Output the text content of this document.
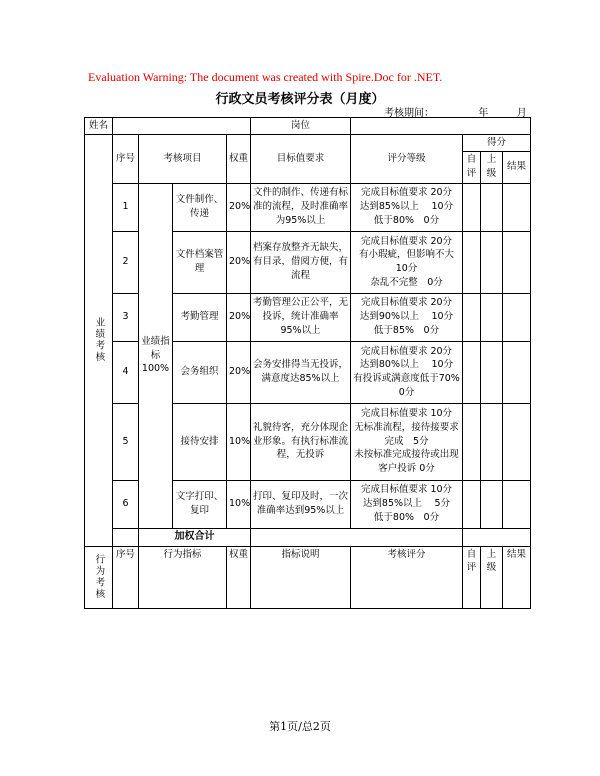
Evaluation Warning: The document was created with Spire.Doc for .NET.
行政文员考核评分表（月度）
考核期间：	年	月
姓名					岗位				
业绩考核	序号	考核项目		权重	目标值要求	评分等级	得分		
							自评	上级	结果
	1	业绩指标100%	文件制作、传递	20%	文件的制作、传递有标准的流程，及时准确率为95%以上	完成目标值要求 20分
达到85%以上　 10分
低于80%　0分			
	2		文件档案管理	20%	档案存放整齐无缺失，有目录，借阅方便，有流程	完成目标值要求 20分
有小瑕疵，但影响不大 10分
杂乱不完整　0分			
	3		考勤管理	20%	考勤管理公正公平，无投诉，统计准确率95%以上	完成目标值要求 20分
达到90%以上　 10分
低于85%　0分			
	4		会务组织	20%	会务安排得当无投诉，满意度达85%以上	完成目标值要求 20分
达到80%以上　 10分
有投诉或满意度低于70%　0分			
	5		接待安排	10%	礼貌待客，充分体现企业形象。有执行标准流程，无投诉	完成目标值要求 10分
无标准流程，接待接要求完成　5分
未按标准完成接待或出现客户投诉 0分			
	6		文字打印、复印	10%	打印、复印及时，一次准确率达到95%以上	完成目标值要求 10分
达到85%以上　 5分
低于80%　0分			
		加权合计							
行为考核	序号	行为指标		权重	指标说明	考核评分	自评	上级	结果
第1页/总2页
